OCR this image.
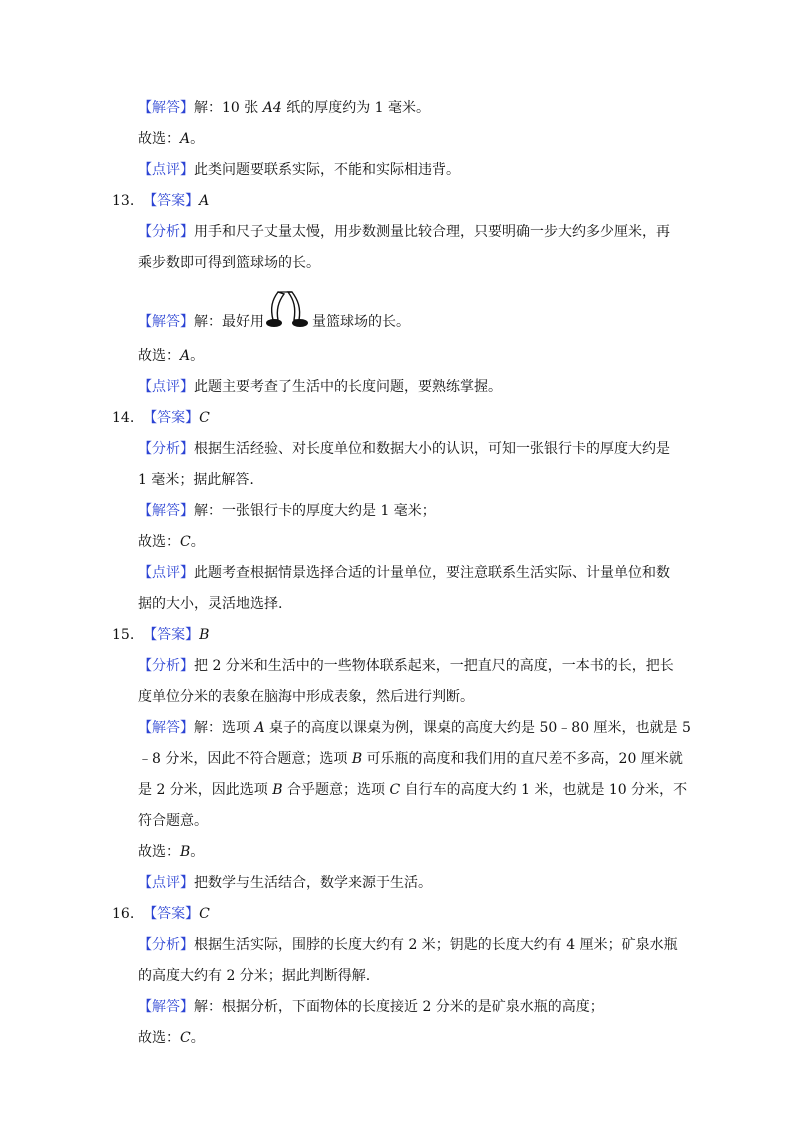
【解答】解：10 张 A4 纸的厚度约为 1 毫米。
故选：A。
【点评】此类问题要联系实际，不能和实际相违背。
13. 【答案】A
【分析】用手和尺子丈量太慢，用步数测量比较合理，只要明确一步大约多少厘米，再
乘步数即可得到篮球场的长。
【解答】解：最好用	量篮球场的长。
故选：A。
【点评】此题主要考查了生活中的长度问题，要熟练掌握。
14. 【答案】C
【分析】根据生活经验、对长度单位和数据大小的认识，可知一张银行卡的厚度大约是
1 毫米；据此解答.
【解答】解：一张银行卡的厚度大约是 1 毫米；
故选：C。
【点评】此题考查根据情景选择合适的计量单位，要注意联系生活实际、计量单位和数
据的大小，灵活地选择.
15. 【答案】B
【分析】把 2 分米和生活中的一些物体联系起来，一把直尺的高度，一本书的长，把长
度单位分米的表象在脑海中形成表象，然后进行判断。
【解答】解：选项 A 桌子的高度以课桌为例，课桌的高度大约是 50﹣80 厘米，也就是 5
﹣8 分米，因此不符合题意；选项 B 可乐瓶的高度和我们用的直尺差不多高，20 厘米就
是 2 分米，因此选项 B 合乎题意；选项 C 自行车的高度大约 1 米，也就是 10 分米，不
符合题意。
故选：B。
【点评】把数学与生活结合，数学来源于生活。
16. 【答案】C
【分析】根据生活实际，围脖的长度大约有 2 米；钥匙的长度大约有 4 厘米；矿泉水瓶
的高度大约有 2 分米；据此判断得解.
【解答】解：根据分析，下面物体的长度接近 2 分米的是矿泉水瓶的高度；
故选：C。
